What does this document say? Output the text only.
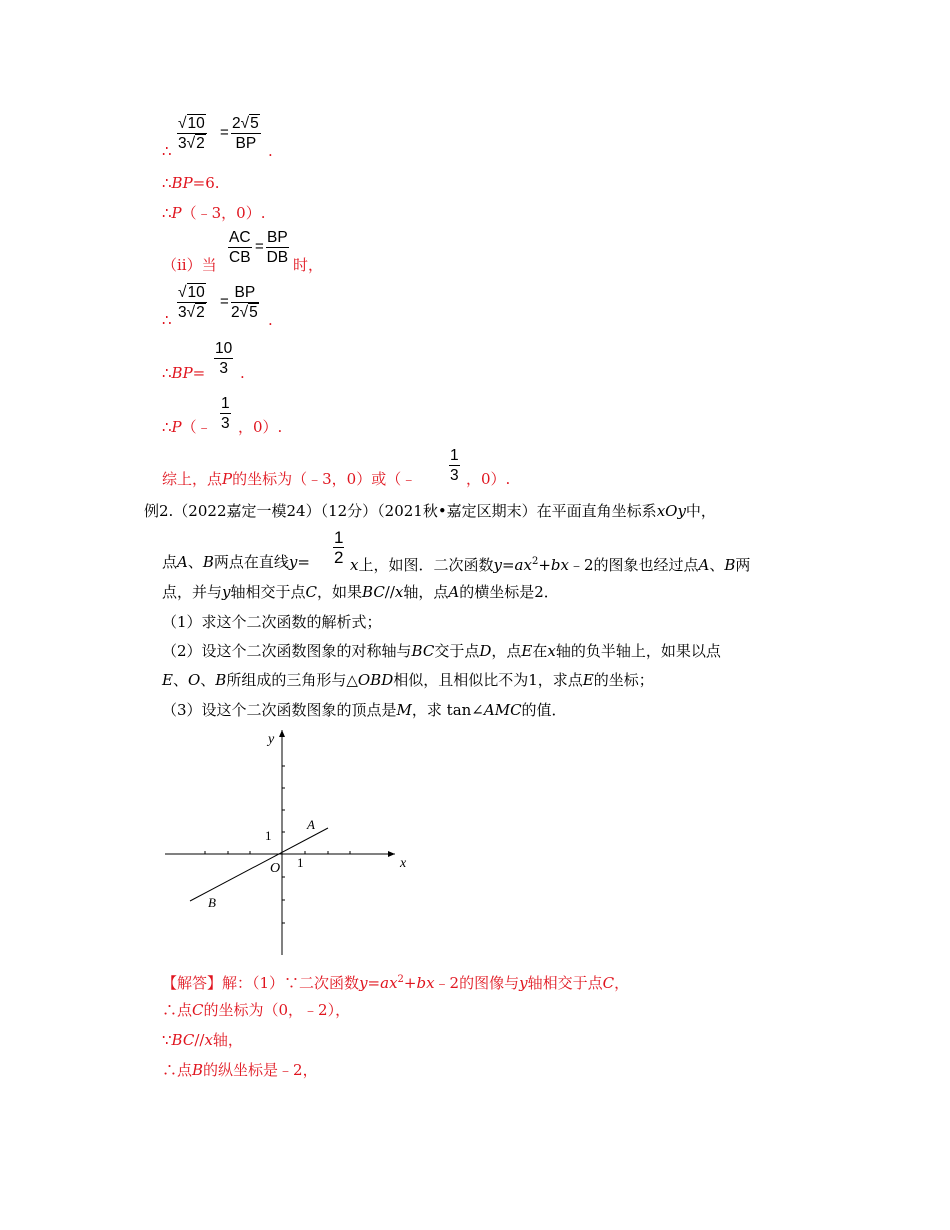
$\frac{√10}{3√2} = \frac{2√5}{BP}$
∴	.
∴BP=6.
∴P（﹣3，0）.
（ii）当 $\frac{AC}{CB} = \frac{BP}{DB}$ 时，
$\frac{√10}{3√2} = \frac{BP}{2√5}$
∴	.
∴BP= $\frac{10}{3}$ .
∴P（﹣ $\frac{1}{3}$ ，0）.
综上，点P的坐标为（﹣3，0）或（﹣ $\frac{1}{3}$ ，0）.
例2.（2022嘉定一模24）（12分）（2021秋•嘉定区期末）在平面直角坐标系xOy中，
点A、B两点在直线$y= \frac{1}{2}$ x上，如图．二次函数$y=ax^2+bx﹣2$的图象也经过点A、B两
点，并与y轴相交于点C，如果BC//x轴，点A的横坐标是2．
（1）求这个二次函数的解析式；
（2）设这个二次函数图象的对称轴与BC交于点D，点E在x轴的负半轴上，如果以点
E、O、B所组成的三角形与△OBD相似，且相似比不为1，求点E的坐标；
（3）设这个二次函数图象的顶点是M，求 tan∠AMC的值．
y
x
1
1
O
A
B
【解答】解：（1）∵二次函数$y=ax^2+bx﹣2$的图像与y轴相交于点C，
∴点C的坐标为（0，﹣2），
∵BC//x轴，
∴点B的纵坐标是﹣2，
